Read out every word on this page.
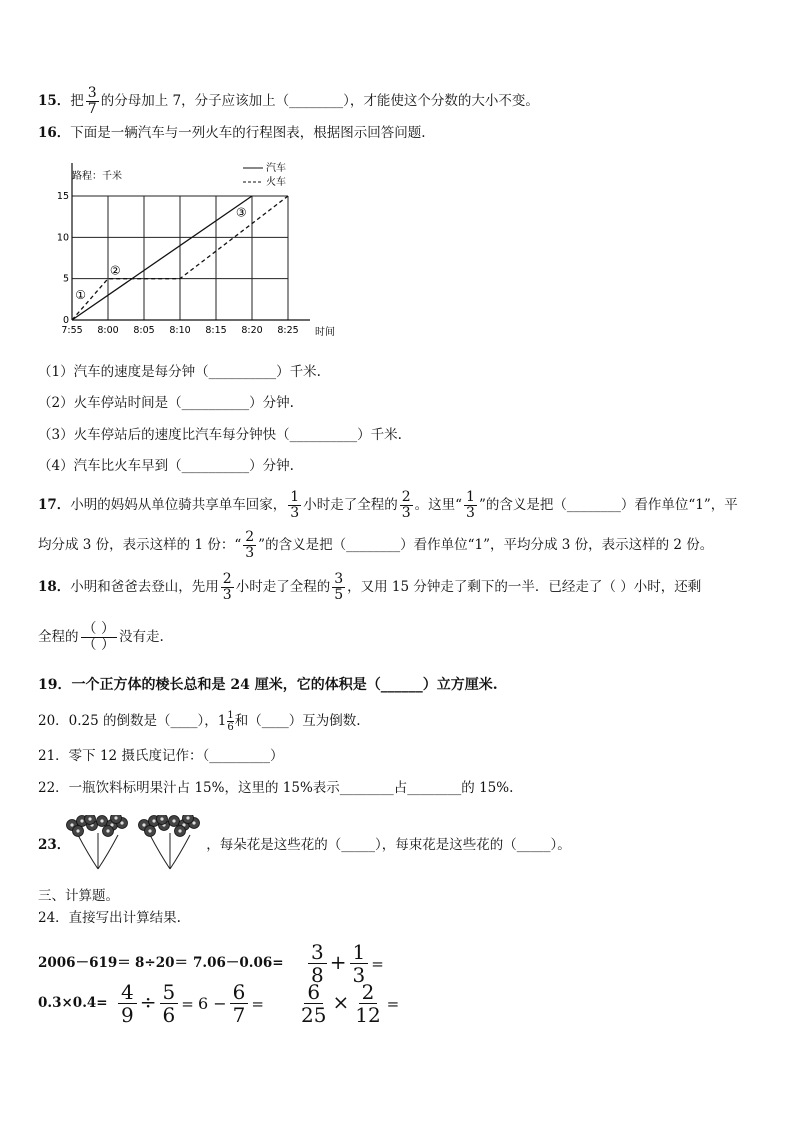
15．把 $\frac{3}{7}$ 的分母加上 7，分子应该加上（________），才能使这个分数的大小不变。
16．下面是一辆汽车与一列火车的行程图表，根据图示回答问题.
7:55 8:00 8:05 8:10 8:15 8:20 8:25
0
5
10
15
①
②
③
路程：千米
时间
汽车
火车
（1）汽车的速度是每分钟（__________）千米.
（2）火车停站时间是（__________）分钟.
（3）火车停站后的速度比汽车每分钟快（__________）千米.
（4）汽车比火车早到（__________）分钟.
17．小明的妈妈从单位骑共享单车回家， $\frac{1}{3}$ 小时走了全程的 $\frac{2}{3}$ 。这里“ $\frac{1}{3}$ ”的含义是把（________）看作单位“1”，平
均分成 3 份，表示这样的 1 份：“ $\frac{2}{3}$ ”的含义是把（________）看作单位“1”，平均分成 3 份，表示这样的 2 份。
18．小明和爸爸去登山，先用 $\frac{2}{3}$ 小时走了全程的 $\frac{3}{5}$ ，又用 15 分钟走了剩下的一半．已经走了（ ）小时，还剩
全程的 $\frac{( )}{( )}$ 没有走.
19．一个正方体的棱长总和是 24 厘米，它的体积是（______）立方厘米.
20．0.25 的倒数是（____），$1 \frac{1}{6}$ 和（____）互为倒数.
21．零下 12 摄氏度记作：（_________）
22．一瓶饮料标明果汁占 15%，这里的 15%表示________占________的 15%.
23．	，每朵花是这些花的（_____），每束花是这些花的（_____）。
三、计算题。
24．直接写出计算结果.
$2006-619= 8\div 20= 7.06-0.06= \frac{3}{8} + \frac{1}{3}$ =
$0.3\times 0.4= \frac{4}{9} \div \frac{5}{6} = 6 - \frac{6}{7} = \frac{6}{25} \times \frac{2}{12}$ =
